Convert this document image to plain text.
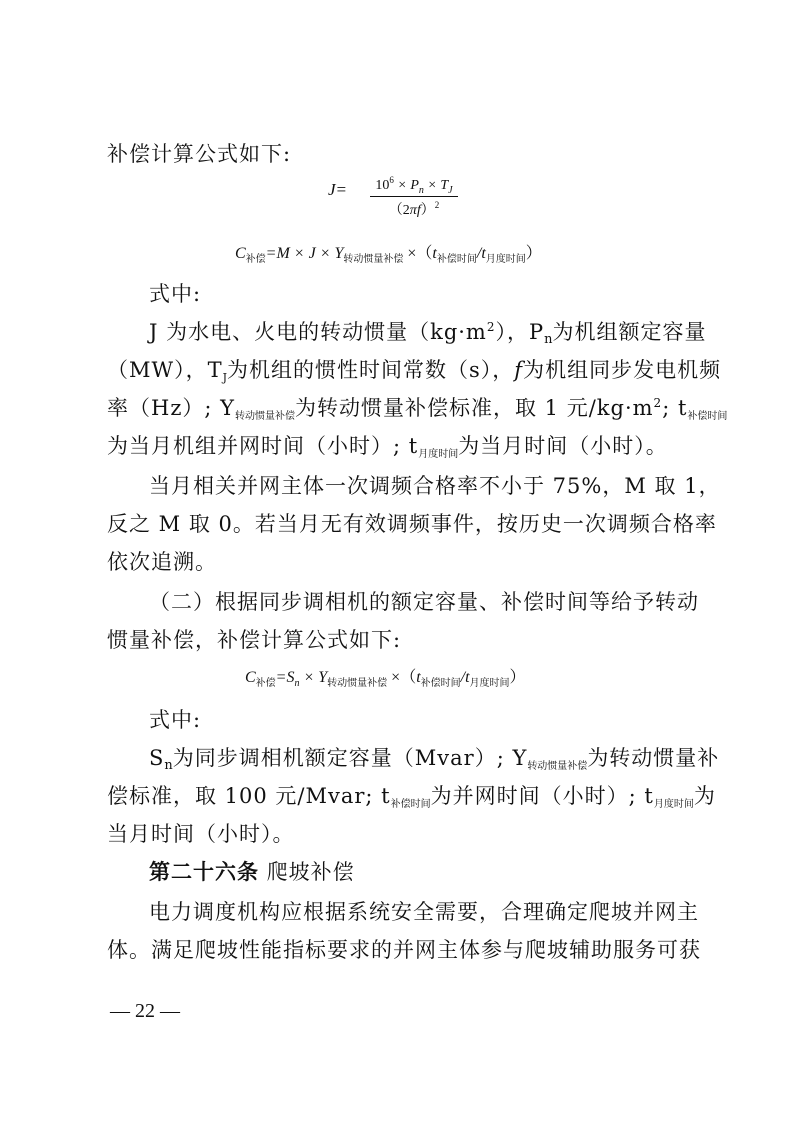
补偿计算公式如下:
J=	$10^6 \times P_n \times T_J$
$(2\pi f)^2$
$C_{补偿}=M \times J \times Y_{转动惯量补偿} \times(t_{补偿时间}/t_{月度时间})$
式中:
J 为水电、火电的转动惯量$(kg\cdot m^2)$，Pn为机组额定容量
（MW），TJ为机组的惯性时间常数（s），f为机组同步发电机频
率（Hz）; Y转动惯量补偿为转动惯量补偿标准，取 1 元$/kg\cdot m^2$; t补偿时间
为当月机组并网时间（小时）; t月度时间为当月时间（小时）。
当月相关并网主体一次调频合格率不小于 75%，M 取 1，
反之 M 取 0。若当月无有效调频事件，按历史一次调频合格率
依次追溯。
（二）根据同步调相机的额定容量、补偿时间等给予转动
惯量补偿，补偿计算公式如下:
$C_{补偿}=S_n \times Y_{转动惯量补偿} \times(t_{补偿时间}/t_{月度时间})$
式中:
Sn为同步调相机额定容量（Mvar）; Y转动惯量补偿为转动惯量补
偿标准，取 100 元/Mvar; t补偿时间为并网时间（小时）; t月度时间为
当月时间（小时）。
第二十六条 爬坡补偿
电力调度机构应根据系统安全需要，合理确定爬坡并网主
体。满足爬坡性能指标要求的并网主体参与爬坡辅助服务可获
— 22 —
